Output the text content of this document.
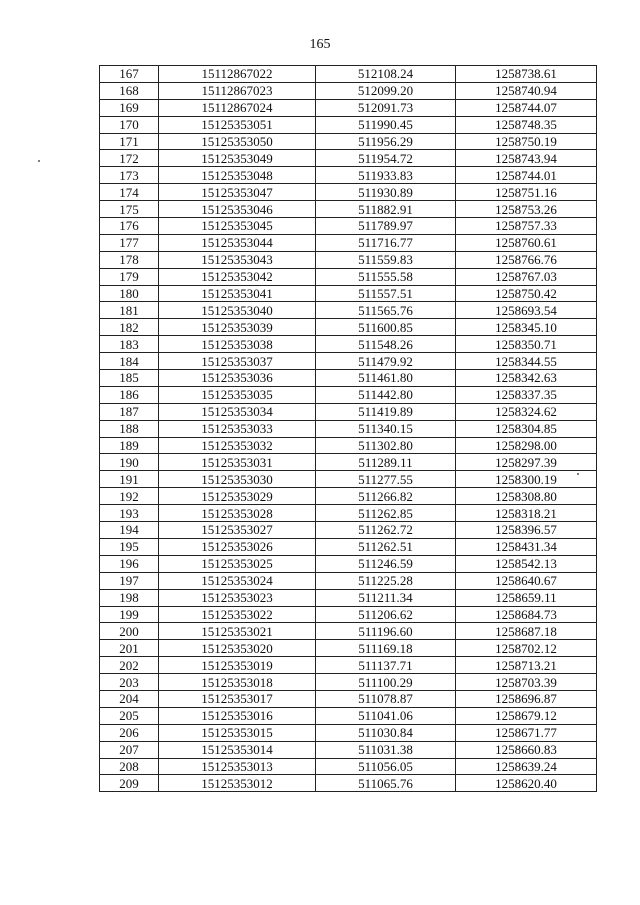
165
167	15112867022	512108.24	1258738.61
168	15112867023	512099.20	1258740.94
169	15112867024	512091.73	1258744.07
170	15125353051	511990.45	1258748.35
171	15125353050	511956.29	1258750.19
172	15125353049	511954.72	1258743.94
173	15125353048	511933.83	1258744.01
174	15125353047	511930.89	1258751.16
175	15125353046	511882.91	1258753.26
176	15125353045	511789.97	1258757.33
177	15125353044	511716.77	1258760.61
178	15125353043	511559.83	1258766.76
179	15125353042	511555.58	1258767.03
180	15125353041	511557.51	1258750.42
181	15125353040	511565.76	1258693.54
182	15125353039	511600.85	1258345.10
183	15125353038	511548.26	1258350.71
184	15125353037	511479.92	1258344.55
185	15125353036	511461.80	1258342.63
186	15125353035	511442.80	1258337.35
187	15125353034	511419.89	1258324.62
188	15125353033	511340.15	1258304.85
189	15125353032	511302.80	1258298.00
190	15125353031	511289.11	1258297.39
191	15125353030	511277.55	1258300.19
192	15125353029	511266.82	1258308.80
193	15125353028	511262.85	1258318.21
194	15125353027	511262.72	1258396.57
195	15125353026	511262.51	1258431.34
196	15125353025	511246.59	1258542.13
197	15125353024	511225.28	1258640.67
198	15125353023	511211.34	1258659.11
199	15125353022	511206.62	1258684.73
200	15125353021	511196.60	1258687.18
201	15125353020	511169.18	1258702.12
202	15125353019	511137.71	1258713.21
203	15125353018	511100.29	1258703.39
204	15125353017	511078.87	1258696.87
205	15125353016	511041.06	1258679.12
206	15125353015	511030.84	1258671.77
207	15125353014	511031.38	1258660.83
208	15125353013	511056.05	1258639.24
209	15125353012	511065.76	1258620.40
